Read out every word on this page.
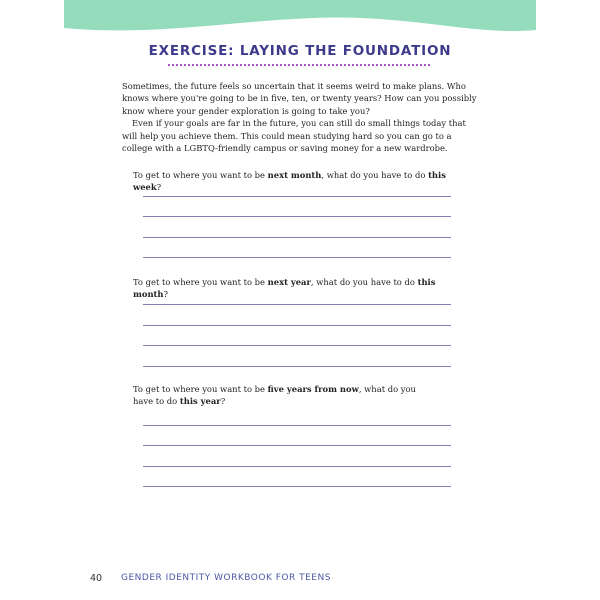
EXERCISE: LAYING THE FOUNDATION

Sometimes, the future feels so uncertain that it seems weird to make plans. Who knows where you're going to be in five, ten, or twenty years? How can you possibly know where your gender exploration is going to take you?

Even if your goals are far in the future, you can still do small things today that will help you achieve them. This could mean studying hard so you can go to a college with a LGBTQ-friendly campus or saving money for a new wardrobe.

To get to where you want to be next month, what do you have to do this week?
To get to where you want to be next year, what do you have to do this month?
To get to where you want to be five years from now, what do you have to do this year?
40 GENDER IDENTITY WORKBOOK FOR TEENS
